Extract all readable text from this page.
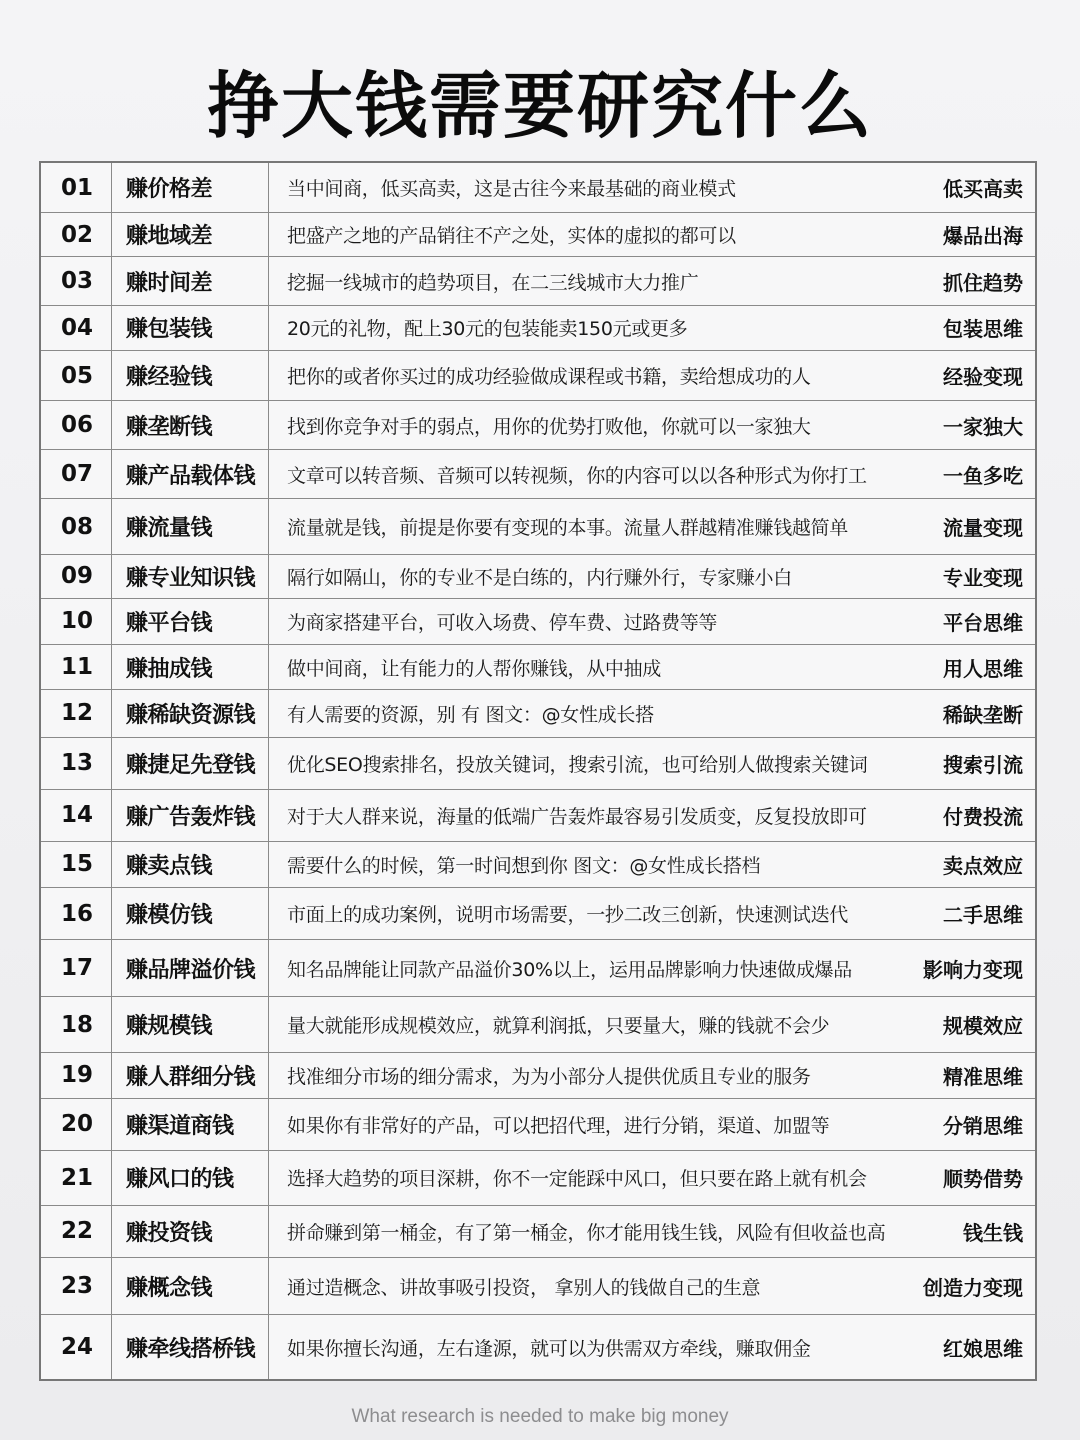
挣大钱需要研究什么
01	赚价格差	当中间商，低买高卖，这是古往今来最基础的商业模式	低买高卖
02	赚地域差	把盛产之地的产品销往不产之处，实体的虚拟的都可以	爆品出海
03	赚时间差	挖掘一线城市的趋势项目，在二三线城市大力推广	抓住趋势
04	赚包装钱	20元的礼物，配上30元的包装能卖150元或更多	包装思维
05	赚经验钱	把你的或者你买过的成功经验做成课程或书籍，卖给想成功的人	经验变现
06	赚垄断钱	找到你竞争对手的弱点，用你的优势打败他，你就可以一家独大	一家独大
07	赚产品载体钱	文章可以转音频、音频可以转视频，你的内容可以以各种形式为你打工	一鱼多吃
08	赚流量钱	流量就是钱，前提是你要有变现的本事。流量人群越精准赚钱越简单	流量变现
09	赚专业知识钱	隔行如隔山，你的专业不是白练的，内行赚外行，专家赚小白	专业变现
10	赚平台钱	为商家搭建平台，可收入场费、停车费、过路费等等	平台思维
11	赚抽成钱	做中间商，让有能力的人帮你赚钱，从中抽成	用人思维
12	赚稀缺资源钱	有人需要的资源，别 有 图文：@女性成长搭	稀缺垄断
13	赚捷足先登钱	优化SEO搜索排名，投放关键词，搜索引流，也可给别人做搜索关键词	搜索引流
14	赚广告轰炸钱	对于大人群来说，海量的低端广告轰炸最容易引发质变，反复投放即可	付费投流
15	赚卖点钱	需要什么的时候，第一时间想到你 图文：@女性成长搭档	卖点效应
16	赚模仿钱	市面上的成功案例，说明市场需要，一抄二改三创新，快速测试迭代	二手思维
17	赚品牌溢价钱	知名品牌能让同款产品溢价30%以上，运用品牌影响力快速做成爆品	影响力变现
18	赚规模钱	量大就能形成规模效应，就算利润抵，只要量大，赚的钱就不会少	规模效应
19	赚人群细分钱	找准细分市场的细分需求，为为小部分人提供优质且专业的服务	精准思维
20	赚渠道商钱	如果你有非常好的产品，可以把招代理，进行分销，渠道、加盟等	分销思维
21	赚风口的钱	选择大趋势的项目深耕，你不一定能踩中风口，但只要在路上就有机会	顺势借势
22	赚投资钱	拼命赚到第一桶金，有了第一桶金，你才能用钱生钱，风险有但收益也高	钱生钱
23	赚概念钱	通过造概念、讲故事吸引投资， 拿别人的钱做自己的生意	创造力变现
24	赚牵线搭桥钱	如果你擅长沟通，左右逢源，就可以为供需双方牵线，赚取佣金	红娘思维
What research is needed to make big money
